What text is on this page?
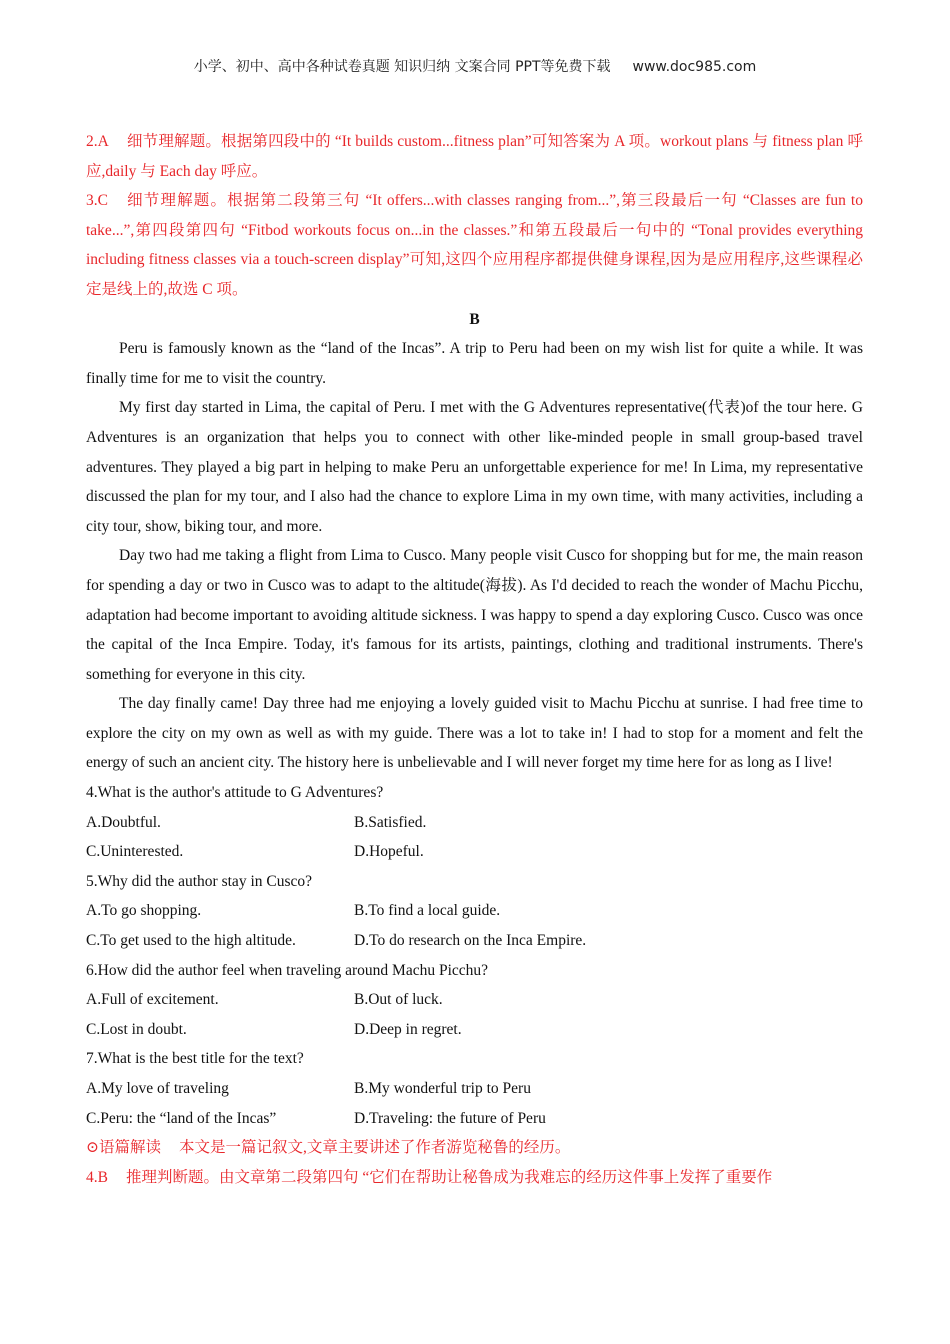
小学、初中、高中各种试卷真题 知识归纳 文案合同 PPT等免费下载 www.doc985.com

2.A 细节理解题。根据第四段中的 “It builds custom...fitness plan”可知答案为 A 项。workout plans 与 fitness plan 呼应,daily 与 Each day 呼应。

3.C 细节理解题。根据第二段第三句 “It offers...with classes ranging from...”,第三段最后一句 “Classes are fun to take...”,第四段第四句 “Fitbod workouts focus on...in the classes.”和第五段最后一句中的 “Tonal provides everything including fitness classes via a touch-screen display”可知,这四个应用程序都提供健身课程,因为是应用程序,这些课程必定是线上的,故选 C 项。

B

Peru is famously known as the “land of the Incas”. A trip to Peru had been on my wish list for quite a while. It was finally time for me to visit the country.

My first day started in Lima, the capital of Peru. I met with the G Adventures representative(代表)of the tour here. G Adventures is an organization that helps you to connect with other like-minded people in small group-based travel adventures. They played a big part in helping to make Peru an unforgettable experience for me! In Lima, my representative discussed the plan for my tour, and I also had the chance to explore Lima in my own time, with many activities, including a city tour, show, biking tour, and more.

Day two had me taking a flight from Lima to Cusco. Many people visit Cusco for shopping but for me, the main reason for spending a day or two in Cusco was to adapt to the altitude(海拔). As I'd decided to reach the wonder of Machu Picchu, adaptation had become important to avoiding altitude sickness. I was happy to spend a day exploring Cusco. Cusco was once the capital of the Inca Empire. Today, it's famous for its artists, paintings, clothing and traditional instruments. There's something for everyone in this city.

The day finally came! Day three had me enjoying a lovely guided visit to Machu Picchu at sunrise. I had free time to explore the city on my own as well as with my guide. There was a lot to take in! I had to stop for a moment and felt the energy of such an ancient city. The history here is unbelievable and I will never forget my time here for as long as I live!

4.What is the author's attitude to G Adventures?

A.Doubtful.	B.Satisfied.
C.Uninterested.	D.Hopeful.

5.Why did the author stay in Cusco?

A.To go shopping.	B.To find a local guide.
C.To get used to the high altitude.	D.To do research on the Inca Empire.

6.How did the author feel when traveling around Machu Picchu?

A.Full of excitement.	B.Out of luck.
C.Lost in doubt.	D.Deep in regret.

7.What is the best title for the text?

A.My love of traveling	B.My wonderful trip to Peru
C.Peru: the “land of the Incas”	D.Traveling: the future of Peru

⊙语篇解读 本文是一篇记叙文,文章主要讲述了作者游览秘鲁的经历。

4.B 推理判断题。由文章第二段第四句 “它们在帮助让秘鲁成为我难忘的经历这件事上发挥了重要作
